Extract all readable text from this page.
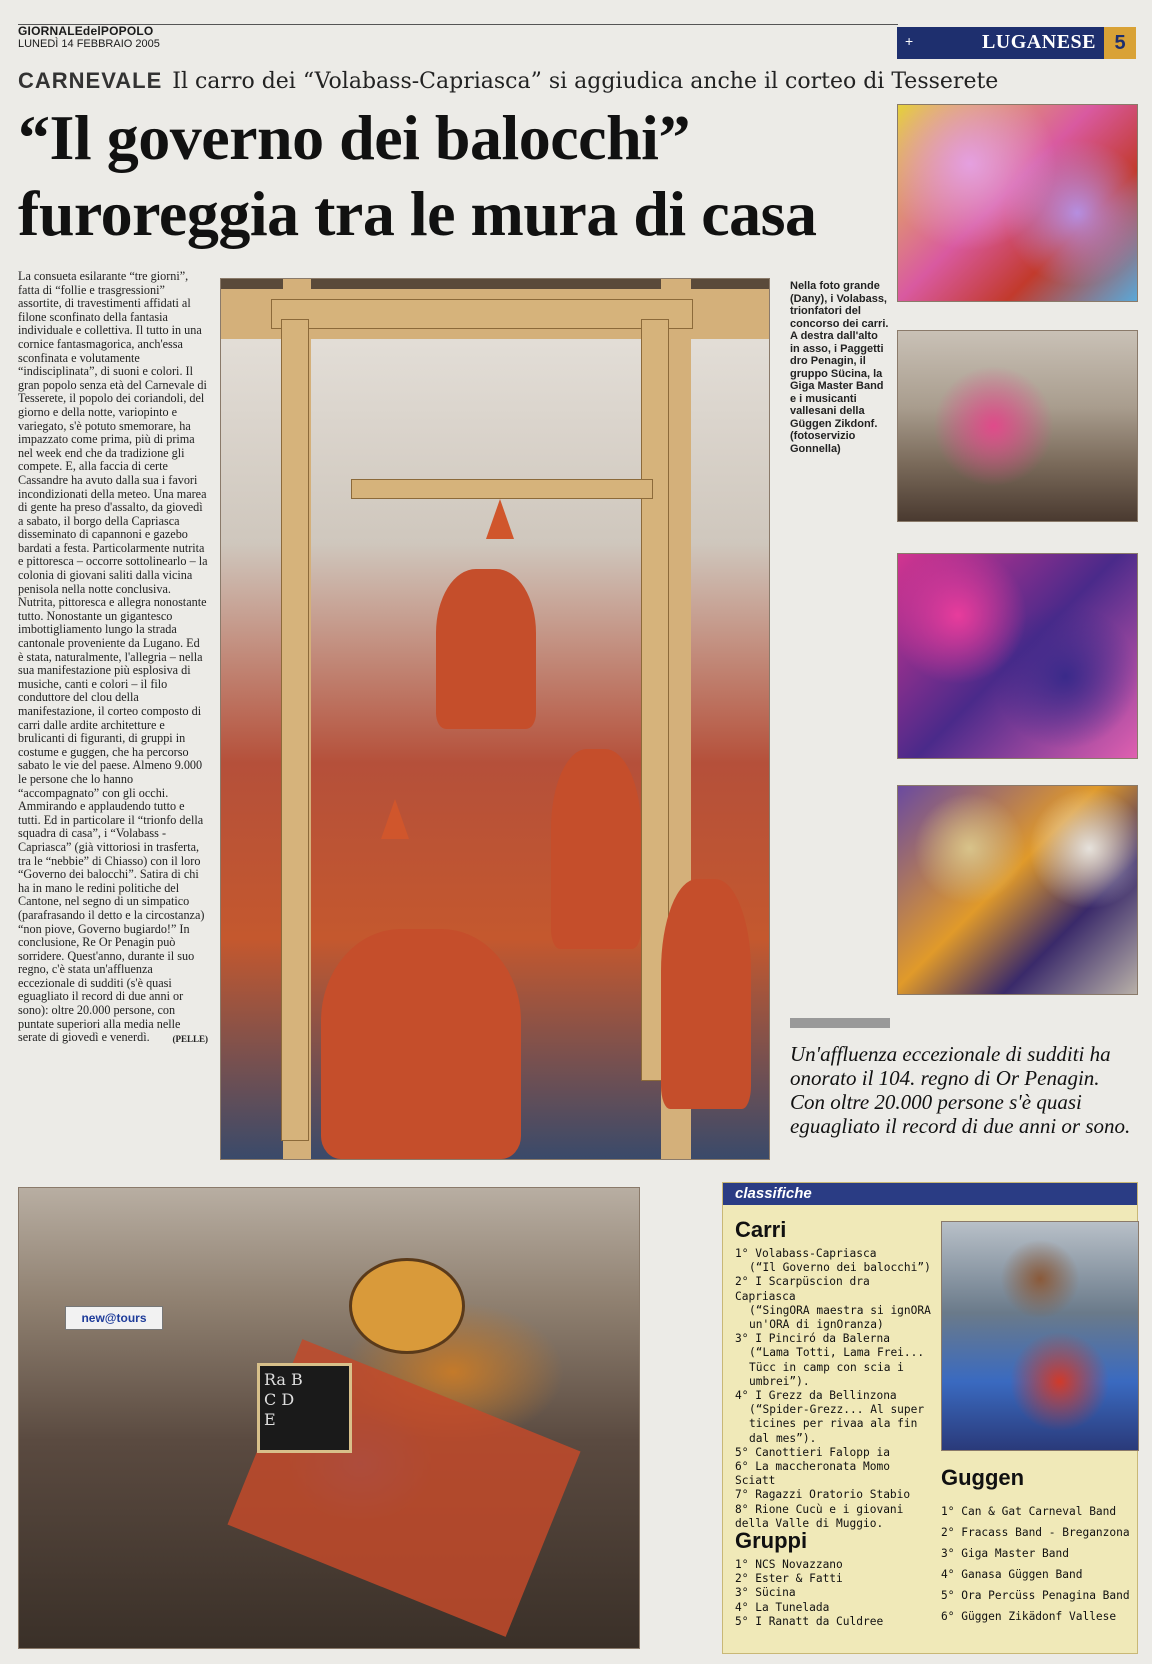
GIORNALEdelPOPOLO
LUNEDÌ 14 FEBBRAIO 2005	+	LUGANESE 5
CARNEVALE Il carro dei “Volabass-Capriasca” si aggiudica anche il corteo di Tesserete
“Il governo dei balocchi”
furoreggia tra le mura di casa
La consueta esilarante “tre giorni”, fatta di “follie e trasgressioni” assortite, di travestimenti affidati al filone sconfinato della fantasia individuale e collettiva. Il tutto in una cornice fantasmagorica, anch'essa sconfinata e volutamente “indisciplinata”, di suoni e colori. Il gran popolo senza età del Carnevale di Tesserete, il popolo dei coriandoli, del giorno e della notte, variopinto e variegato, s'è potuto smemorare, ha impazzato come prima, più di prima nel week end che da tradizione gli compete. E, alla faccia di certe Cassandre ha avuto dalla sua i favori incondizionati della meteo. Una marea di gente ha preso d'assalto, da giovedì a sabato, il borgo della Capriasca disseminato di capannoni e gazebo bardati a festa. Particolarmente nutrita e pittoresca – occorre sottolinearlo – la colonia di giovani saliti dalla vicina penisola nella notte conclusiva. Nutrita, pittoresca e allegra nonostante tutto. Nonostante un gigantesco imbottigliamento lungo la strada cantonale proveniente da Lugano. Ed è stata, naturalmente, l'allegria – nella sua manifestazione più esplosiva di musiche, canti e colori – il filo conduttore del clou della manifestazione, il corteo composto di carri dalle ardite architetture e brulicanti di figuranti, di gruppi in costume e guggen, che ha percorso sabato le vie del paese. Almeno 9.000 le persone che lo hanno “accompagnato” con gli occhi. Ammirando e applaudendo tutto e tutti. Ed in particolare il “trionfo della squadra di casa”, i “Volabass -Capriasca” (già vittoriosi in trasferta, tra le “nebbie” di Chiasso) con il loro “Governo dei balocchi”. Satira di chi ha in mano le redini politiche del Cantone, nel segno di un simpatico (parafrasando il detto e la circostanza) “non piove, Governo bugiardo!” In conclusione, Re Or Penagin può sorridere. Quest'anno, durante il suo regno, c'è stata un'affluenza eccezionale di sudditi (s'è quasi eguagliato il record di due anni or sono): oltre 20.000 persone, con puntate superiori alla media nelle serate di giovedì e venerdì.	(PELLE)
Nella foto grande (Dany), i Volabass, trionfatori del concorso dei carri. A destra dall'alto in asso, i Paggetti dro Penagin, il gruppo Sücina, la Giga Master Band e i musicanti vallesani della Güggen Zikdonf. (fotoservizio Gonnella)
Un'affluenza eccezionale di sudditi ha onorato il 104. regno di Or Penagin. Con oltre 20.000 persone s'è quasi eguagliato il record di due anni or sono.
Ra B
C D
E
new@tours
classifiche
Carri
1° Volabass-Capriasca
(“Il Governo dei balocchi”)
2° I Scarpüscion dra Capriasca
(“SingORA maestra si ignORA un'ORA di ignOranza)
3° I Pinciró da Balerna
(“Lama Totti, Lama Frei... Tücc in camp con scia i umbrei”).
4° I Grezz da Bellinzona
(“Spider-Grezz... Al super ticines per rivaa ala fin dal mes”).
5° Canottieri Falopp ia
6° La maccheronata Momo Sciatt
7° Ragazzi Oratorio Stabio
8° Rione Cucù e i giovani della Valle di Muggio.
Gruppi
1° NCS Novazzano
2° Ester & Fatti
3° Sücina
4° La Tunelada
5° I Ranatt da Culdree
Guggen
1° Can & Gat Carneval Band
2° Fracass Band - Breganzona
3° Giga Master Band
4° Ganasa Güggen Band
5° Ora Percüss Penagina Band
6° Güggen Zikädonf Vallese
